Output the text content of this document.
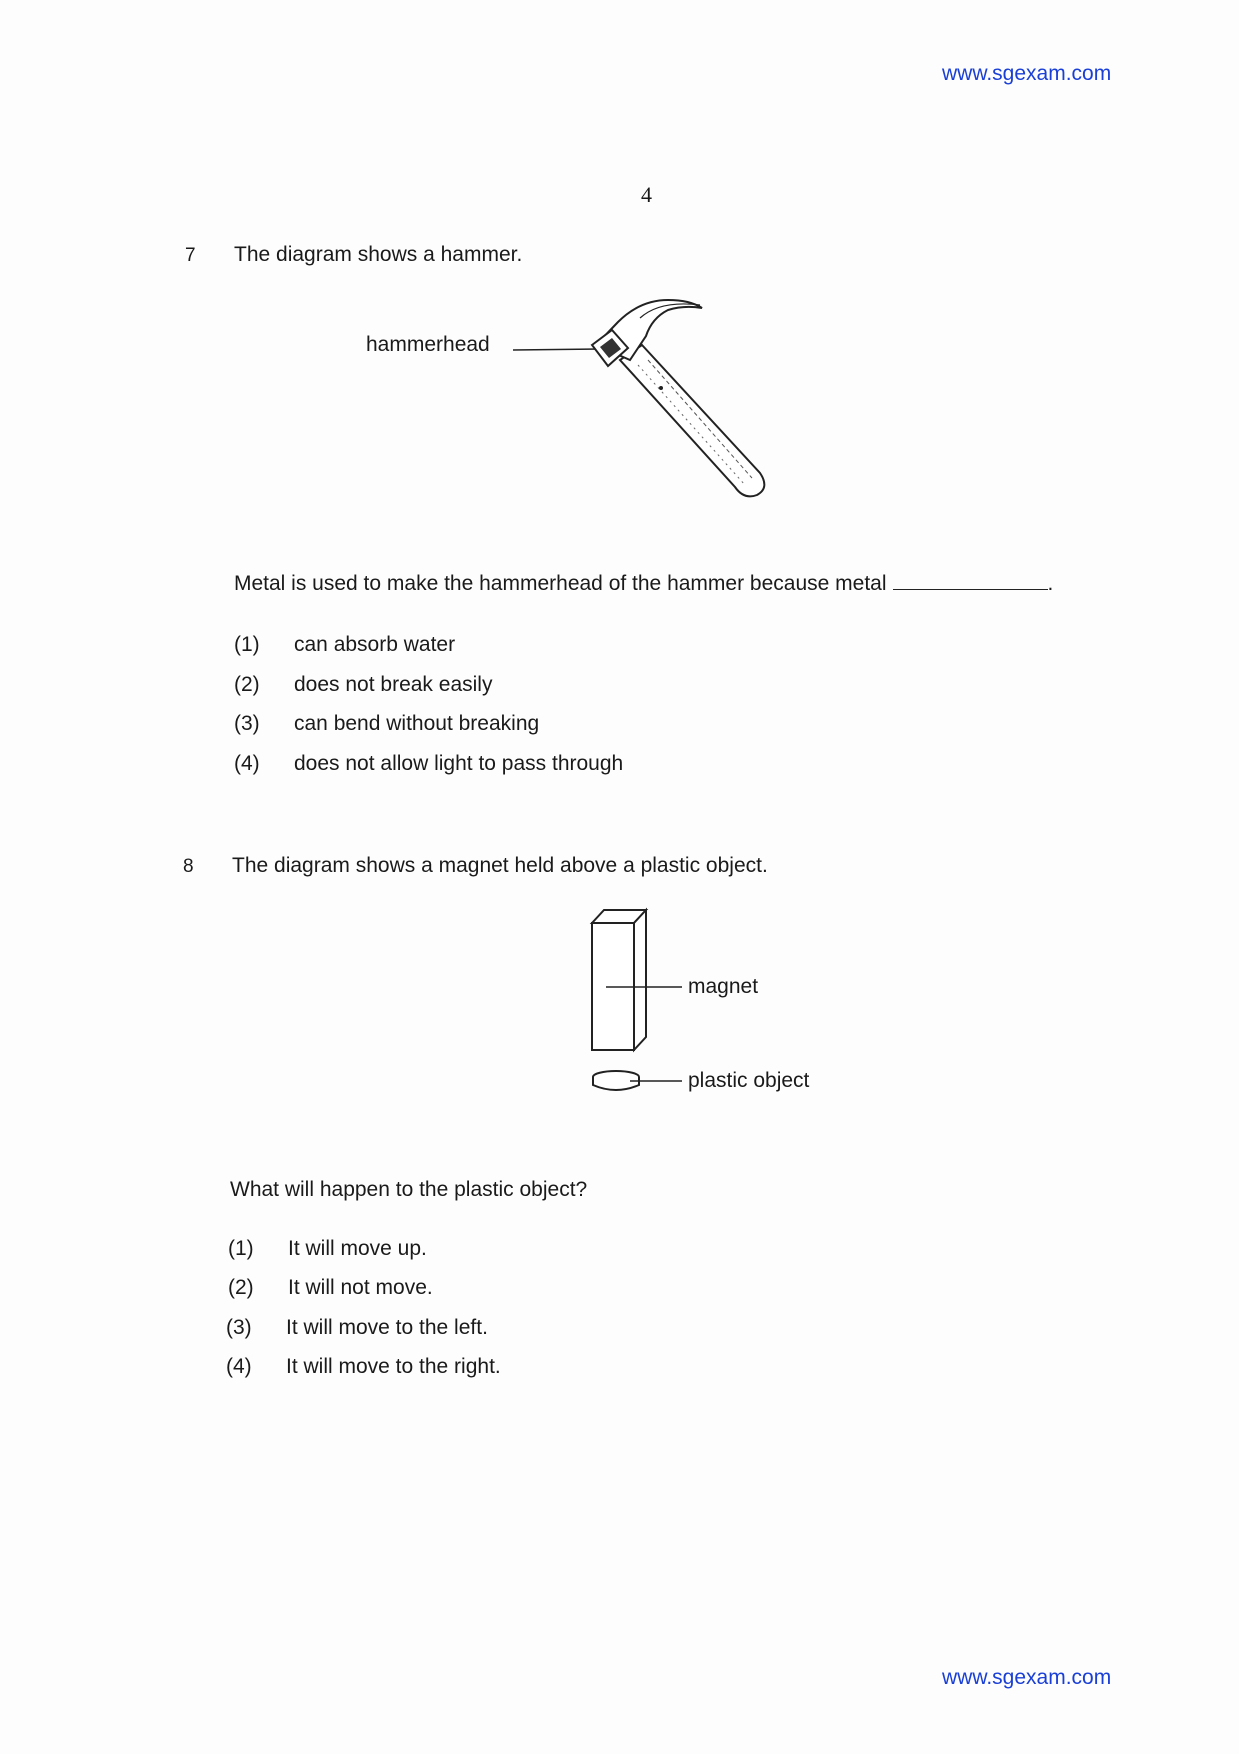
www.sgexam.com
4
7	The diagram shows a hammer.
hammerhead
Metal is used to make the hammerhead of the hammer because metal	.
(1) can absorb water
(2) does not break easily
(3) can bend without breaking
(4) does not allow light to pass through
8	The diagram shows a magnet held above a plastic object.
magnet
plastic object
What will happen to the plastic object?
(1) It will move up.
(2) It will not move.
(3) It will move to the left.
(4) It will move to the right.
www.sgexam.com
